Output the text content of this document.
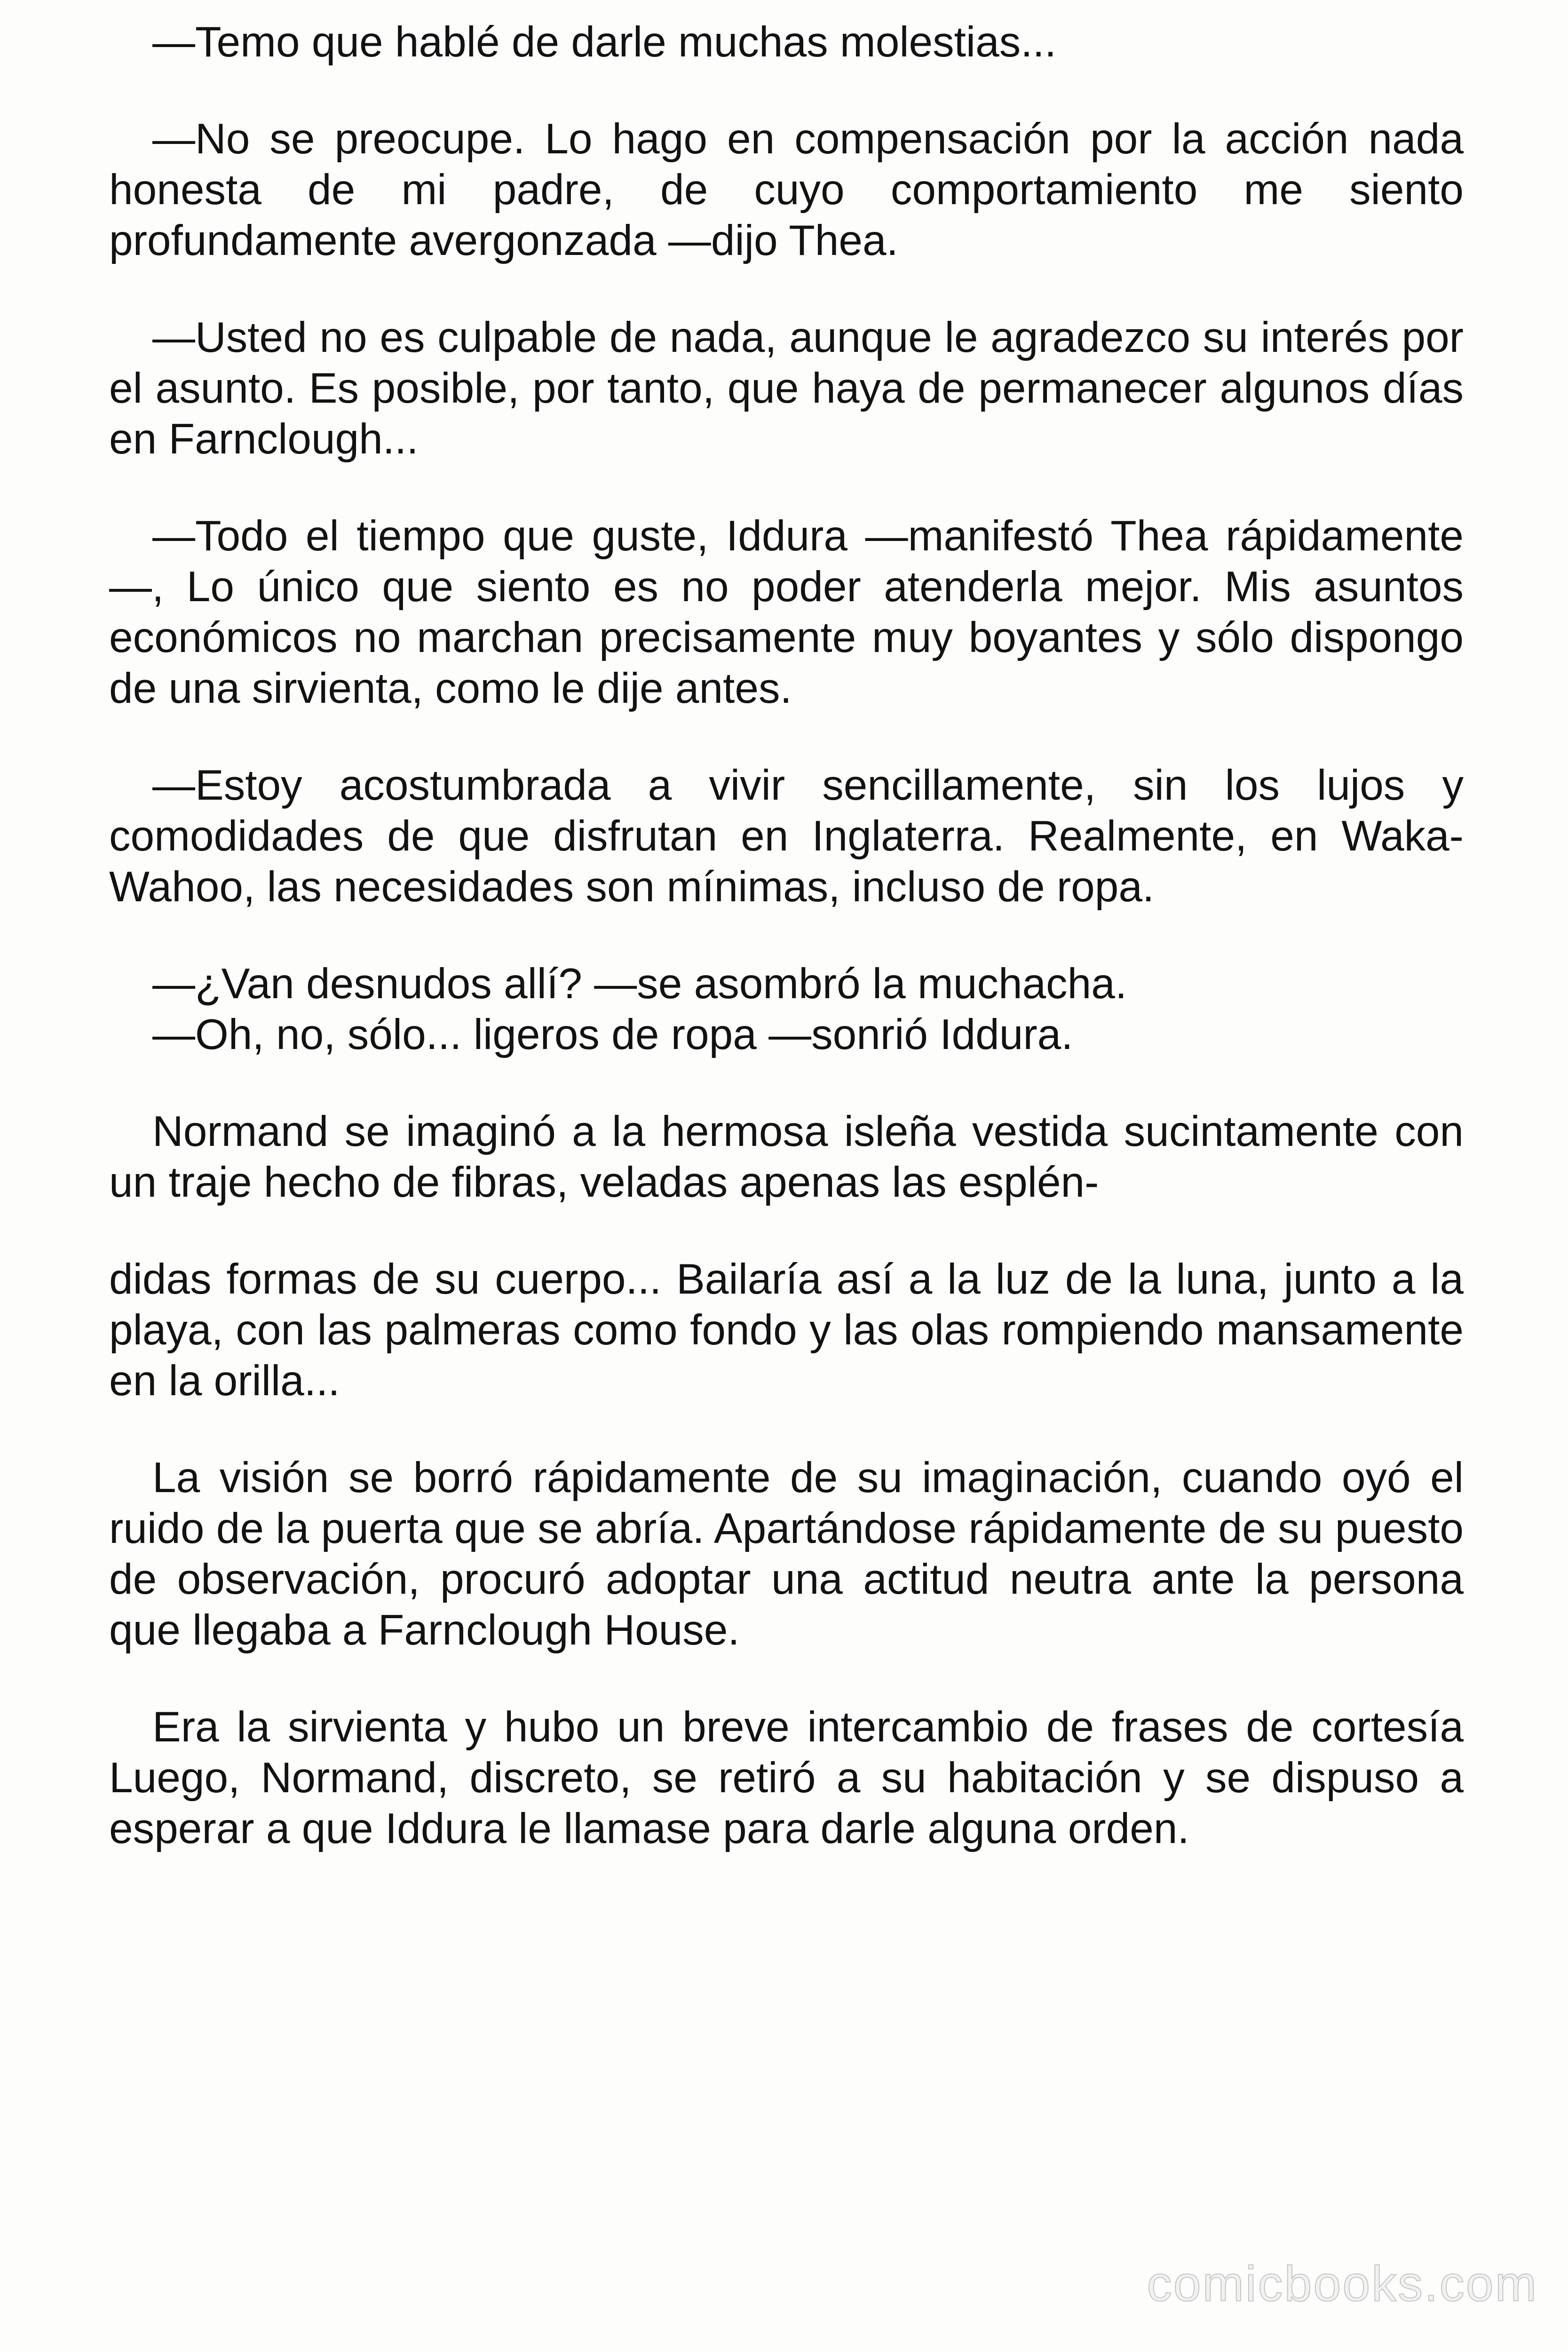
—Temo que hablé de darle muchas molestias...

—No se preocupe. Lo hago en compensación por la acción nada honesta de mi padre, de cuyo comportamiento me siento profundamente avergonzada —dijo Thea.

—Usted no es culpable de nada, aunque le agradezco su interés por el asunto. Es posible, por tanto, que haya de permanecer algunos días en Farnclough...

—Todo el tiempo que guste, Iddura —manifestó Thea rápidamente —, Lo único que siento es no poder atenderla mejor. Mis asuntos económicos no marchan precisamente muy boyantes y sólo dispongo de una sirvienta, como le dije antes.

—Estoy acostumbrada a vivir sencillamente, sin los lujos y comodidades de que disfrutan en Inglaterra. Realmente, en Waka-Wahoo, las necesidades son mínimas, incluso de ropa.

—¿Van desnudos allí? —se asombró la muchacha.

—Oh, no, sólo... ligeros de ropa —sonrió Iddura.

Normand se imaginó a la hermosa isleña vestida sucintamente con un traje hecho de fibras, veladas apenas las esplén-

didas formas de su cuerpo... Bailaría así a la luz de la luna, junto a la playa, con las palmeras como fondo y las olas rompiendo mansamente en la orilla...

La visión se borró rápidamente de su imaginación, cuando oyó el ruido de la puerta que se abría. Apartándose rápidamente de su puesto de observación, procuró adoptar una actitud neutra ante la persona que llegaba a Farnclough House.

Era la sirvienta y hubo un breve intercambio de frases de cortesía Luego, Normand, discreto, se retiró a su habitación y se dispuso a esperar a que Iddura le llamase para darle alguna orden.

comicbooks.com
